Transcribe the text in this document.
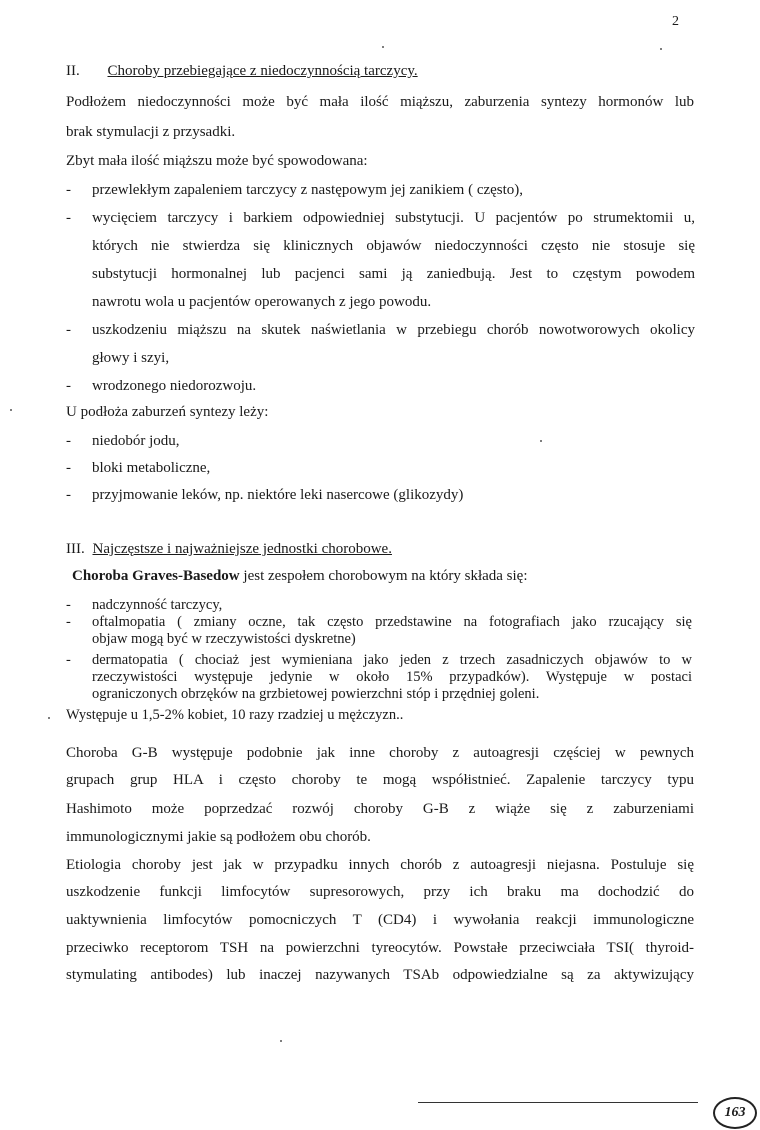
2
II. Choroby przebiegające z niedoczynnością tarczycy.
Podłożem niedoczynności może być mała ilość miąższu, zaburzenia syntezy hormonów lub
brak stymulacji z przysadki.
Zbyt mała ilość miąższu może być spowodowana:
- przewlekłym zapaleniem tarczycy z następowym jej zanikiem ( często),
- wycięciem tarczycy i barkiem odpowiedniej substytucji. U pacjentów po strumektomii u,
których nie stwierdza się klinicznych objawów niedoczynności często nie stosuje się
substytucji hormonalnej lub pacjenci sami ją zaniedbują. Jest to częstym powodem
nawrotu wola u pacjentów operowanych z jego powodu.
- uszkodzeniu miąższu na skutek naświetlania w przebiegu chorób nowotworowych okolicy
głowy i szyi,
- wrodzonego niedorozwoju.
U podłoża zaburzeń syntezy leży:
- niedobór jodu,
- bloki metaboliczne,
- przyjmowanie leków, np. niektóre leki nasercowe (glikozydy)
III. Najczęstsze i najważniejsze jednostki chorobowe.
Choroba Graves-Basedow jest zespołem chorobowym na który składa się:
- nadczynność tarczycy,
- oftalmopatia ( zmiany oczne, tak często przedstawine na fotografiach jako rzucający się
objaw mogą być w rzeczywistości dyskretne)
- dermatopatia ( chociaż jest wymieniana jako jeden z trzech zasadniczych objawów to w
rzeczywistości występuje jedynie w około 15% przypadków). Występuje w postaci
ograniczonych obrzęków na grzbietowej powierzchni stóp i przędniej goleni.
Występuje u 1,5-2% kobiet, 10 razy rzadziej u mężczyzn..
Choroba G-B występuje podobnie jak inne choroby z autoagresji częściej w pewnych
grupach grup HLA i często choroby te mogą współistnieć. Zapalenie tarczycy typu
Hashimoto może poprzedzać rozwój choroby G-B z wiąże się z zaburzeniami
immunologicznymi jakie są podłożem obu chorób.
Etiologia choroby jest jak w przypadku innych chorób z autoagresji niejasna. Postuluje się
uszkodzenie funkcji limfocytów supresorowych, przy ich braku ma dochodzić do
uaktywnienia limfocytów pomocniczych T (CD4) i wywołania reakcji immunologiczne
przeciwko receptorom TSH na powierzchni tyreocytów. Powstałe przeciwciała TSI( thyroid-
stymulating antibodes) lub inaczej nazywanych TSAb odpowiedzialne są za aktywizujący
163
